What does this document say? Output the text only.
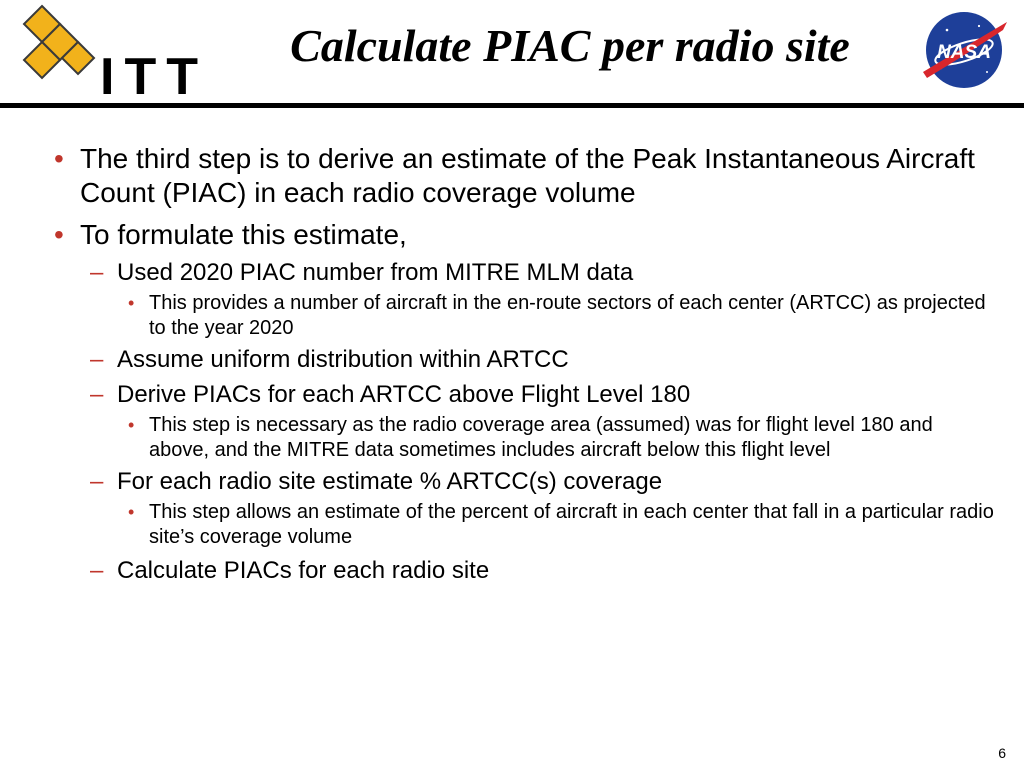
ITT
Calculate PIAC per radio site	NASA
• The third step is to derive an estimate of the Peak Instantaneous Aircraft Count (PIAC) in each radio coverage volume
• To formulate this estimate,
– Used 2020 PIAC number from MITRE MLM data
• This provides a number of aircraft in the en-route sectors of each center (ARTCC) as projected to the year 2020
– Assume uniform distribution within ARTCC
– Derive PIACs for each ARTCC above Flight Level 180
• This step is necessary as the radio coverage area (assumed) was for flight level 180 and above, and the MITRE data sometimes includes aircraft below this flight level
– For each radio site estimate % ARTCC(s) coverage
• This step allows an estimate of the percent of aircraft in each center that fall in a particular radio site’s coverage volume
– Calculate PIACs for each radio site
6
